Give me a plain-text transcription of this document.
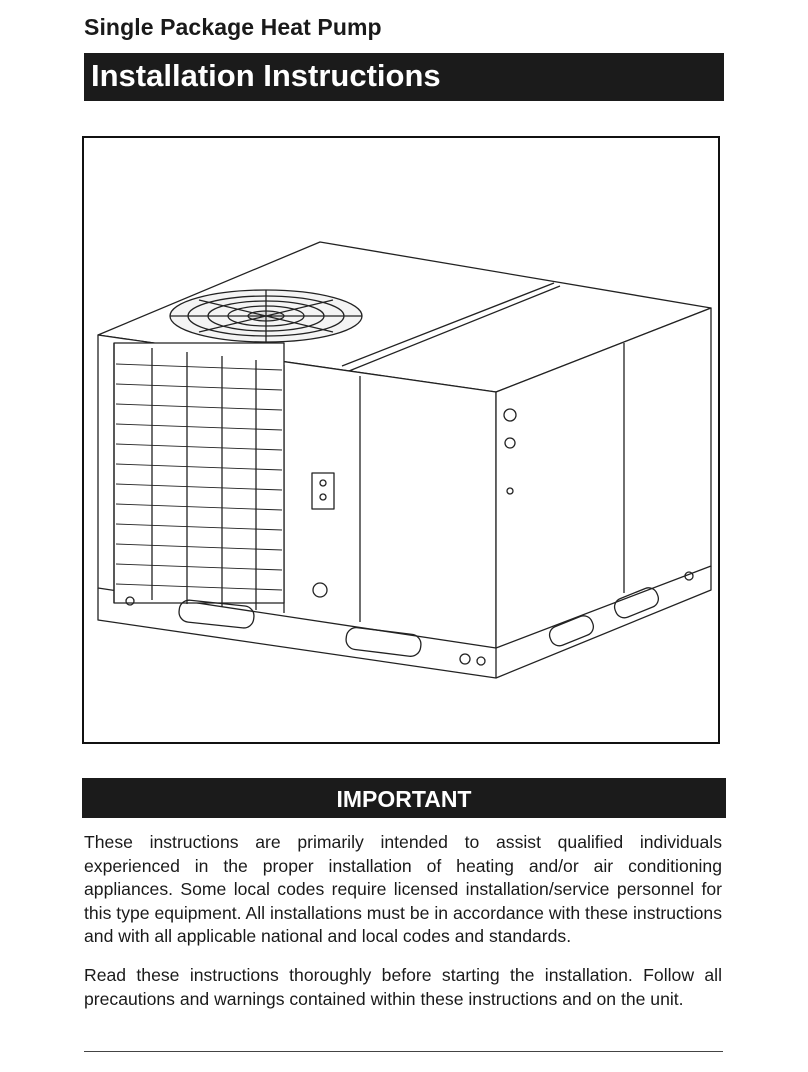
Single Package Heat Pump
Installation Instructions
IMPORTANT
These instructions are primarily intended to assist qualified individuals experienced in the proper installation of heating and/or air conditioning appliances. Some local codes require licensed installation/service personnel for this type equipment. All installations must be in accordance with these instructions and with all applicable national and local codes and standards.
Read these instructions thoroughly before starting the installation. Follow all precautions and warnings contained within these instructions and on the unit.
